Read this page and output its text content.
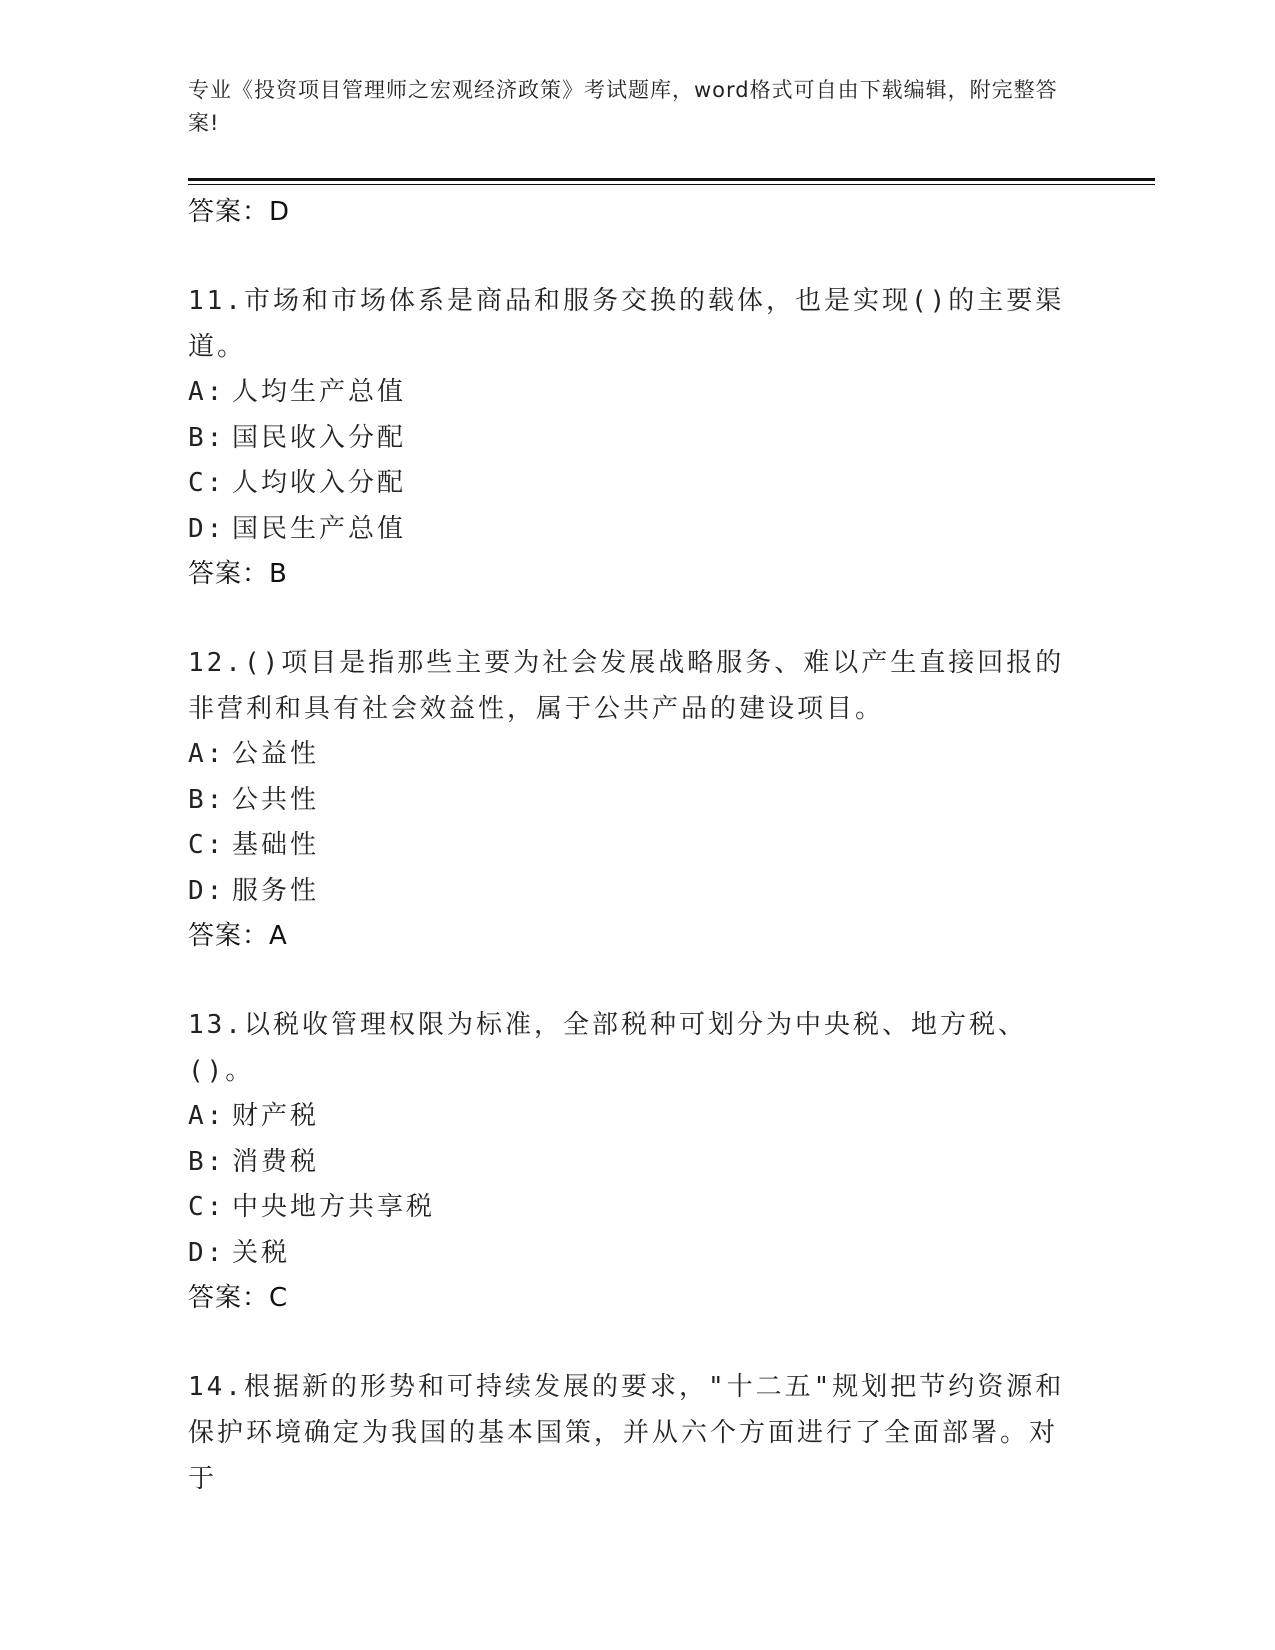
专业《投资项目管理师之宏观经济政策》考试题库，word格式可自由下载编辑，附完整答案!
答案：D
11.市场和市场体系是商品和服务交换的载体，也是实现()的主要渠道。
A: 人均生产总值
B: 国民收入分配
C: 人均收入分配
D: 国民生产总值
答案：B
12.()项目是指那些主要为社会发展战略服务、难以产生直接回报的非营利和具有社会效益性，属于公共产品的建设项目。
A: 公益性
B: 公共性
C: 基础性
D: 服务性
答案：A
13.以税收管理权限为标准，全部税种可划分为中央税、地方税、()。
A: 财产税
B: 消费税
C: 中央地方共享税
D: 关税
答案：C
14.根据新的形势和可持续发展的要求，"十二五"规划把节约资源和保护环境确定为我国的基本国策，并从六个方面进行了全面部署。对于
